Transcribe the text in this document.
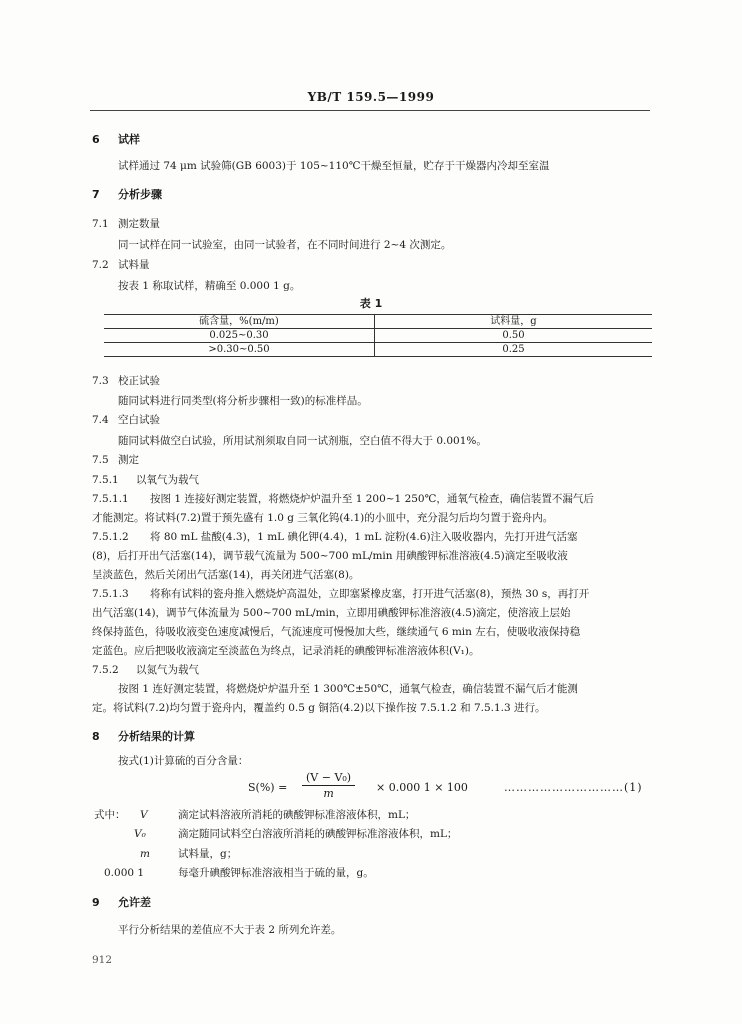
YB/T 159.5—1999
6 试样
试样通过 74 μm 试验筛(GB 6003)于 105~110℃干燥至恒量，贮存于干燥器内冷却至室温
7 分析步骤
7.1 测定数量
同一试样在同一试验室，由同一试验者，在不同时间进行 2~4 次测定。
7.2 试料量
按表 1 称取试样，精确至 0.000 1 g。
表 1
硫含量，%(m/m)	试料量，g
0.025~0.30	0.50
>0.30~0.50	0.25
7.3 校正试验
随同试料进行同类型(将分析步骤相一致)的标准样品。
7.4 空白试验
随同试料做空白试验，所用试剂须取自同一试剂瓶，空白值不得大于 0.001%。
7.5 测定
7.5.1 以氧气为载气
7.5.1.1 按图 1 连接好测定装置，将燃烧炉炉温升至 1 200~1 250℃，通氧气检查，确信装置不漏气后
才能测定。将试料(7.2)置于预先盛有 1.0 g 三氧化钨(4.1)的小皿中，充分混匀后均匀置于瓷舟内。
7.5.1.2 将 80 mL 盐酸(4.3)，1 mL 碘化钾(4.4)，1 mL 淀粉(4.6)注入吸收器内，先打开进气活塞
(8)，后打开出气活塞(14)，调节载气流量为 500~700 mL/min 用碘酸钾标准溶液(4.5)滴定至吸收液
呈淡蓝色，然后关闭出气活塞(14)，再关闭进气活塞(8)。
7.5.1.3 将称有试料的瓷舟推入燃烧炉高温处，立即塞紧橡皮塞，打开进气活塞(8)，预热 30 s，再打开
出气活塞(14)，调节气体流量为 500~700 mL/min，立即用碘酸钾标准溶液(4.5)滴定，使溶液上层始
终保持蓝色，待吸收液变色速度减慢后，气流速度可慢慢加大些，继续通气 6 min 左右，使吸收液保持稳
定蓝色。应后把吸收液滴定至淡蓝色为终点，记录消耗的碘酸钾标准溶液体积(V₁)。
7.5.2 以氮气为载气
按图 1 连好测定装置，将燃烧炉炉温升至 1 300℃±50℃，通氧气检查，确信装置不漏气后才能测
定。将试料(7.2)均匀置于瓷舟内，覆盖约 0.5 g 铜箔(4.2)以下操作按 7.5.1.2 和 7.5.1.3 进行。
8 分析结果的计算
按式(1)计算硫的百分含量：
$S(\%) = \frac{\text{(V − V₀)}}{m} \times 0.000$ 1 × 100	…………………………(1)
式中： V	滴定试料溶液所消耗的碘酸钾标准溶液体积，mL；
V₀	滴定随同试料空白溶液所消耗的碘酸钾标准溶液体积，mL；
m	试料量，g；
0.000 1	每毫升碘酸钾标准溶液相当于硫的量，g。
9 允许差
平行分析结果的差值应不大于表 2 所列允许差。
912
